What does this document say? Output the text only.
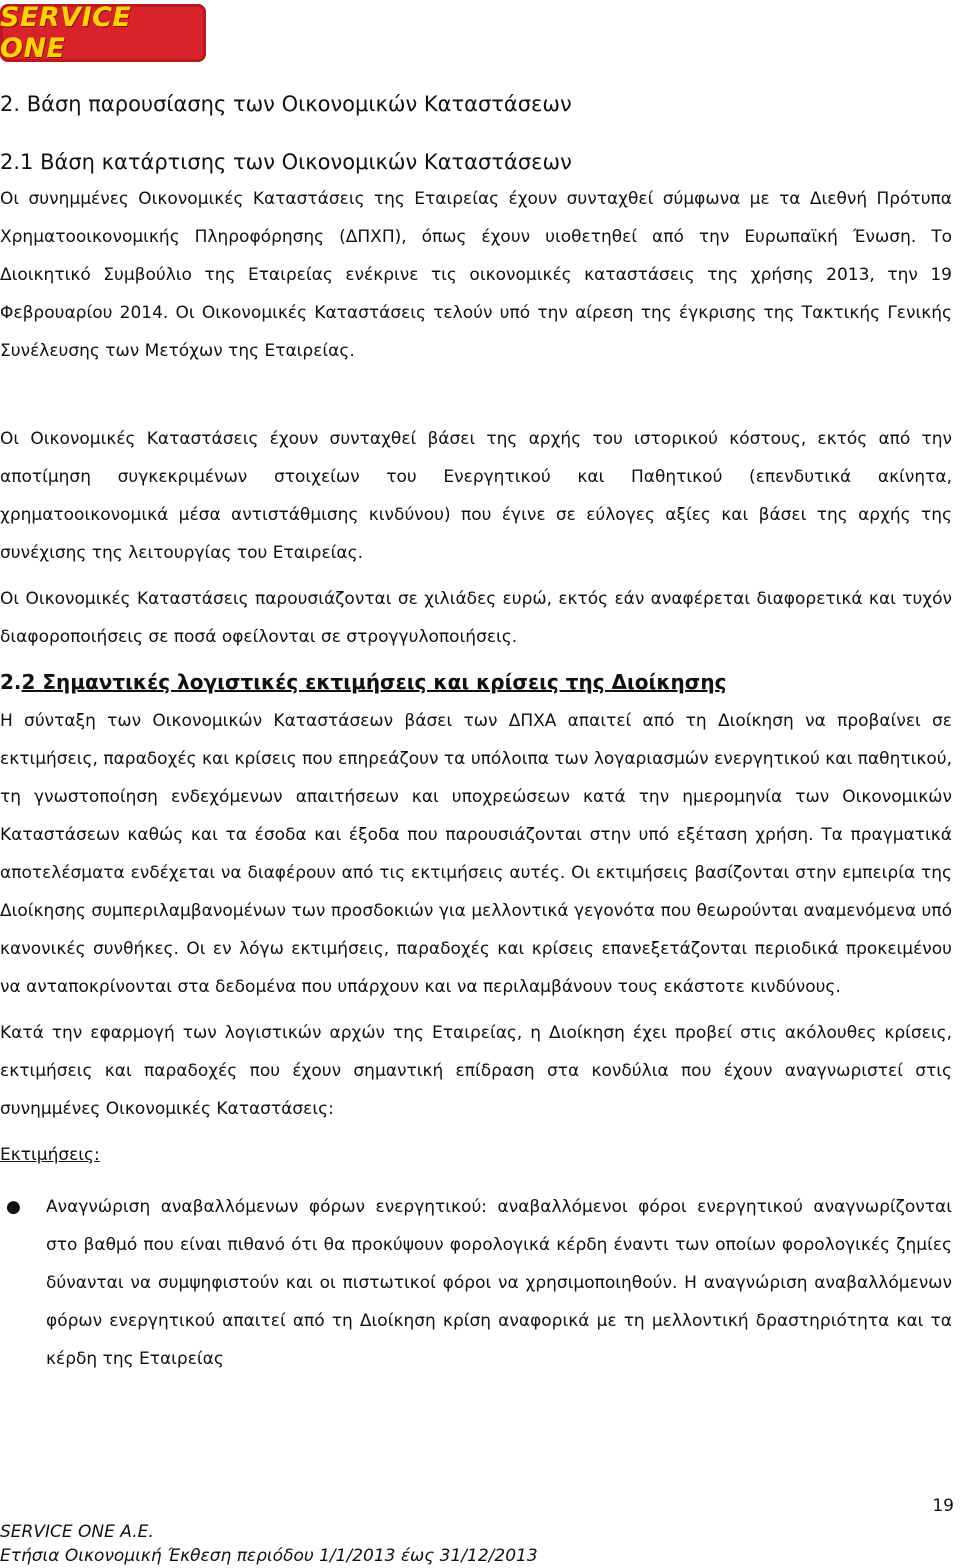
SERVICE ONE
2. Βάση παρουσίασης των Οικονομικών Καταστάσεων
2.1 Βάση κατάρτισης των Οικονομικών Καταστάσεων

Οι συνημμένες Οικονομικές Καταστάσεις της Εταιρείας έχουν συνταχθεί σύμφωνα με τα Διεθνή Πρότυπα Χρηματοοικονομικής Πληροφόρησης (ΔΠΧΠ), όπως έχουν υιοθετηθεί από την Ευρωπαϊκή Ένωση. Το Διοικητικό Συμβούλιο της Εταιρείας ενέκρινε τις οικονομικές καταστάσεις της χρήσης 2013, την 19 Φεβρουαρίου 2014. Οι Οικονομικές Καταστάσεις τελούν υπό την αίρεση της έγκρισης της Τακτικής Γενικής Συνέλευσης των Μετόχων της Εταιρείας.

Οι Οικονομικές Καταστάσεις έχουν συνταχθεί βάσει της αρχής του ιστορικού κόστους, εκτός από την αποτίμηση συγκεκριμένων στοιχείων του Ενεργητικού και Παθητικού (επενδυτικά ακίνητα, χρηματοοικονομικά μέσα αντιστάθμισης κινδύνου) που έγινε σε εύλογες αξίες και βάσει της αρχής της συνέχισης της λειτουργίας του Εταιρείας.

Οι Οικονομικές Καταστάσεις παρουσιάζονται σε χιλιάδες ευρώ, εκτός εάν αναφέρεται διαφορετικά και τυχόν διαφοροποιήσεις σε ποσά οφείλονται σε στρογγυλοποιήσεις.

2.2 Σημαντικές λογιστικές εκτιμήσεις και κρίσεις της Διοίκησης

Η σύνταξη των Οικονομικών Καταστάσεων βάσει των ΔΠΧΑ απαιτεί από τη Διοίκηση να προβαίνει σε εκτιμήσεις, παραδοχές και κρίσεις που επηρεάζουν τα υπόλοιπα των λογαριασμών ενεργητικού και παθητικού, τη γνωστοποίηση ενδεχόμενων απαιτήσεων και υποχρεώσεων κατά την ημερομηνία των Οικονομικών Καταστάσεων καθώς και τα έσοδα και έξοδα που παρουσιάζονται στην υπό εξέταση χρήση. Τα πραγματικά αποτελέσματα ενδέχεται να διαφέρουν από τις εκτιμήσεις αυτές. Οι εκτιμήσεις βασίζονται στην εμπειρία της Διοίκησης συμπεριλαμβανομένων των προσδοκιών για μελλοντικά γεγονότα που θεωρούνται αναμενόμενα υπό κανονικές συνθήκες. Οι εν λόγω εκτιμήσεις, παραδοχές και κρίσεις επανεξετάζονται περιοδικά προκειμένου να ανταποκρίνονται στα δεδομένα που υπάρχουν και να περιλαμβάνουν τους εκάστοτε κινδύνους.

Κατά την εφαρμογή των λογιστικών αρχών της Εταιρείας, η Διοίκηση έχει προβεί στις ακόλουθες κρίσεις, εκτιμήσεις και παραδοχές που έχουν σημαντική επίδραση στα κονδύλια που έχουν αναγνωριστεί στις συνημμένες Οικονομικές Καταστάσεις:

Εκτιμήσεις:

● Αναγνώριση αναβαλλόμενων φόρων ενεργητικού: αναβαλλόμενοι φόροι ενεργητικού αναγνωρίζονται στο βαθμό που είναι πιθανό ότι θα προκύψουν φορολογικά κέρδη έναντι των οποίων φορολογικές ζημίες δύνανται να συμψηφιστούν και οι πιστωτικοί φόροι να χρησιμοποιηθούν. Η αναγνώριση αναβαλλόμενων φόρων ενεργητικού απαιτεί από τη Διοίκηση κρίση αναφορικά με τη μελλοντική δραστηριότητα και τα κέρδη της Εταιρείας
19
SERVICE ONE A.E.
Ετήσια Οικονομική Έκθεση περιόδου 1/1/2013 έως 31/12/2013
